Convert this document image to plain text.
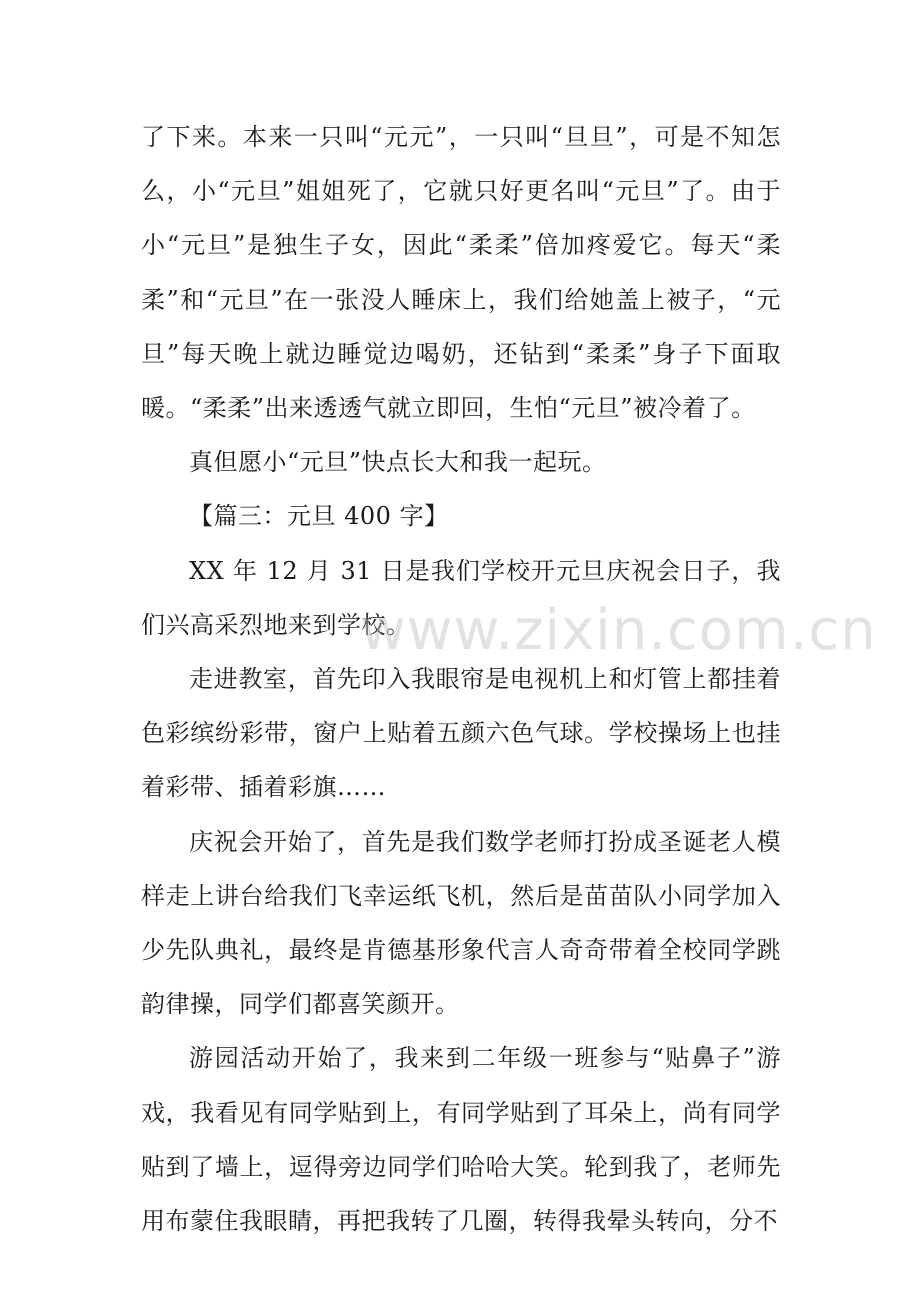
了下来。本来一只叫“元元”，一只叫“旦旦”，可是不知怎么，小“元旦”姐姐死了，它就只好更名叫“元旦”了。由于小“元旦”是独生子女，因此“柔柔”倍加疼爱它。每天“柔柔”和“元旦”在一张没人睡床上，我们给她盖上被子，“元旦”每天晚上就边睡觉边喝奶，还钻到“柔柔”身子下面取暖。“柔柔”出来透透气就立即回，生怕“元旦”被冷着了。

真但愿小“元旦”快点长大和我一起玩。

【篇三：元旦 400 字】

XX 年 12 月 31 日是我们学校开元旦庆祝会日子，我们兴高采烈地来到学校。

走进教室，首先印入我眼帘是电视机上和灯管上都挂着色彩缤纷彩带，窗户上贴着五颜六色气球。学校操场上也挂着彩带、插着彩旗……

庆祝会开始了，首先是我们数学老师打扮成圣诞老人模样走上讲台给我们飞幸运纸飞机，然后是苗苗队小同学加入少先队典礼，最终是肯德基形象代言人奇奇带着全校同学跳韵律操，同学们都喜笑颜开。

游园活动开始了，我来到二年级一班参与“贴鼻子”游戏，我看见有同学贴到上，有同学贴到了耳朵上，尚有同学贴到了墙上，逗得旁边同学们哈哈大笑。轮到我了，老师先用布蒙住我眼睛，再把我转了几圈，转得我晕头转向，分不

www.zixin.com.cn
